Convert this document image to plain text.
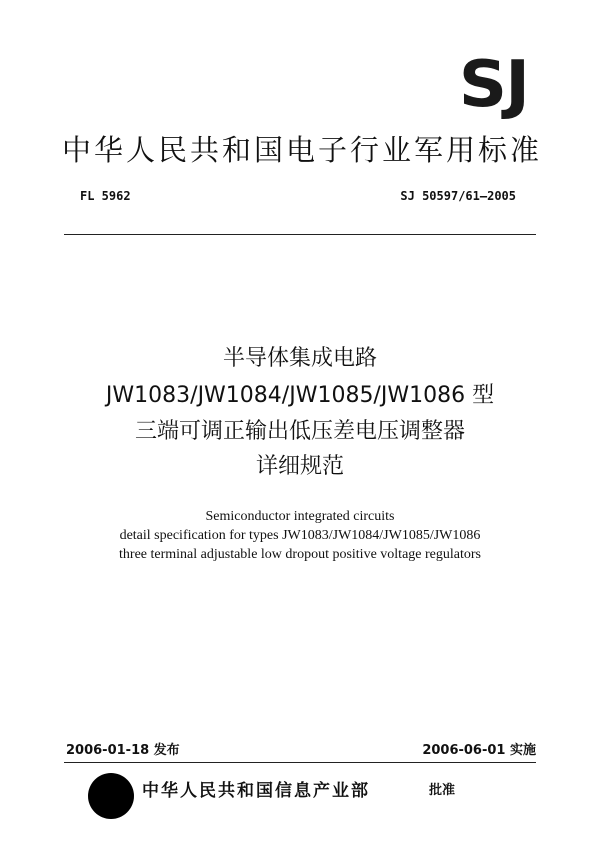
SJ
中华人民共和国电子行业军用标准
FL 5962	SJ 50597/61—2005
半导体集成电路
JW1083/JW1084/JW1085/JW1086 型
三端可调正输出低压差电压调整器
详细规范
Semiconductor integrated circuits
detail specification for types JW1083/JW1084/JW1085/JW1086
three terminal adjustable low dropout positive voltage regulators
2006-01-18 发布	2006-06-01 实施
中华人民共和国信息产业部	批准
